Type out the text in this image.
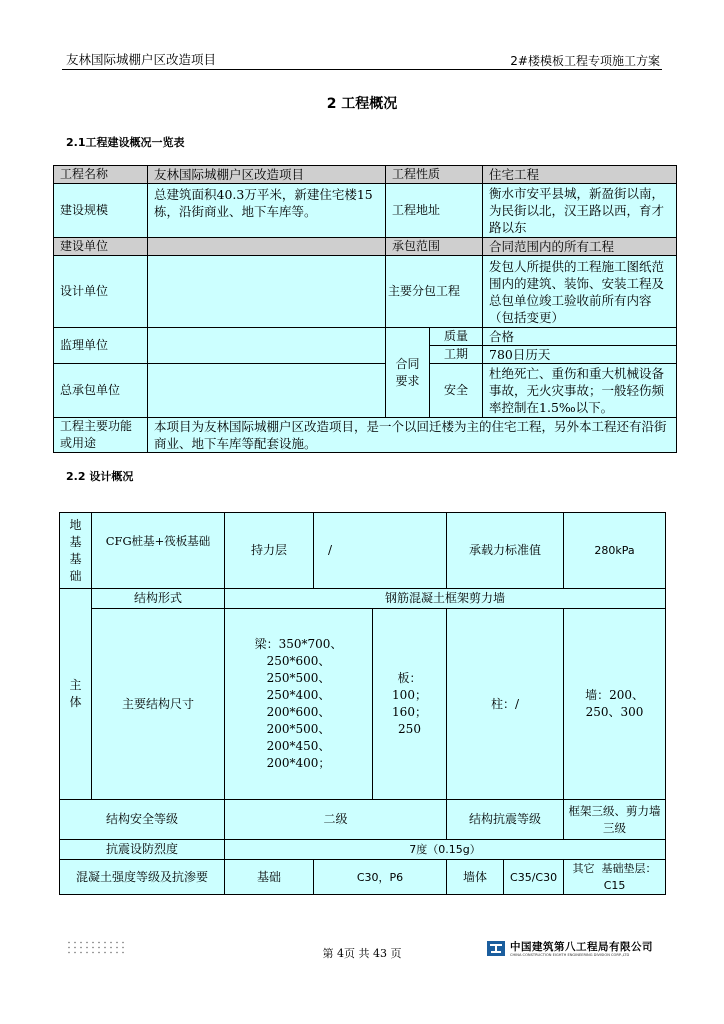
友林国际城棚户区改造项目	2#楼模板工程专项施工方案
2 工程概况
2.1工程建设概况一览表
工程名称	友林国际城棚户区改造项目	工程性质		住宅工程
建设规模	总建筑面积40.3万平米，新建住宅楼15栋，沿街商业、地下车库等。	工程地址		衡水市安平县城，新盈街以南，为民街以北，汉王路以西，育才路以东
建设单位		承包范围		合同范围内的所有工程
设计单位		主要分包工程		发包人所提供的工程施工图纸范围内的建筑、装饰、安装工程及总包单位竣工验收前所有内容（包括变更）
监理单位		合同要求	质量	合格
			工期	780日历天
总承包单位			安全	杜绝死亡、重伤和重大机械设备事故，无火灾事故；一般轻伤频率控制在1.5‰以下。
工程主要功能或用途	本项目为友林国际城棚户区改造项目，是一个以回迁楼为主的住宅工程，另外本工程还有沿街商业、地下车库等配套设施。			
2.2 设计概况
地基基础	CFG桩基+筏板基础	持力层	/		承载力标准值		280kPa
主体	结构形式	钢筋混凝土框架剪力墙					
	主要结构尺寸	梁：350*700、250*600、250*500、250*400、200*600、200*500、200*450、200*400；		板：100；160；250	柱：/		墙：200、250、300
结构安全等级		二级			结构抗震等级		框架三级、剪力墙三级
抗震设防烈度		7度（0.15g）					
混凝土强度等级及抗渗要		基础	C30，P6		墙体	C35/C30	其它 基础垫层：C15
第 4页 共 43 页	中国建筑第八工程局有限公司
CHINA CONSTRUCTION EIGHTH ENGINEERING DIVISION CORP.,LTD
